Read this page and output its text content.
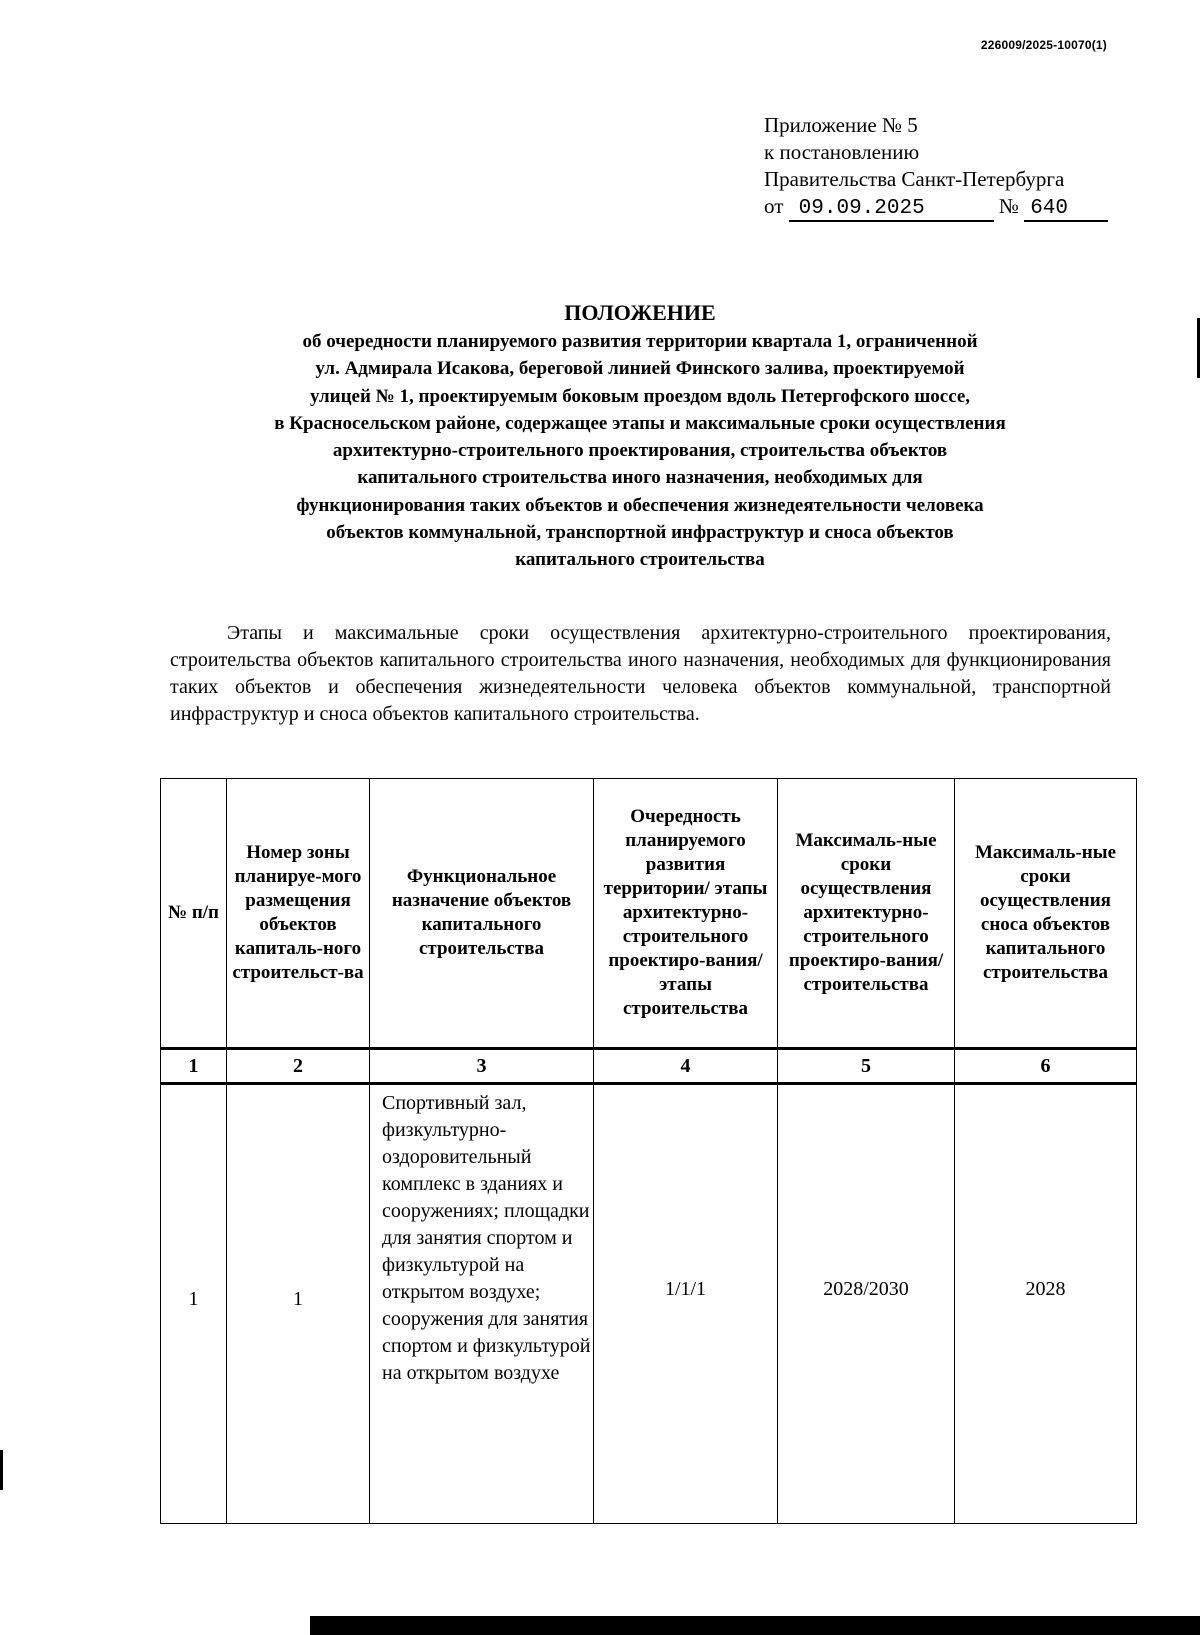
226009/2025-10070(1)
Приложение № 5
к постановлению
Правительства Санкт-Петербурга
от 09.09.2025	№ 640
ПОЛОЖЕНИЕ
об очередности планируемого развития территории квартала 1, ограниченной
ул. Адмирала Исакова, береговой линией Финского залива, проектируемой
улицей № 1, проектируемым боковым проездом вдоль Петергофского шоссе,
в Красносельском районе, содержащее этапы и максимальные сроки осуществления
архитектурно-строительного проектирования, строительства объектов
капитального строительства иного назначения, необходимых для
функционирования таких объектов и обеспечения жизнедеятельности человека
объектов коммунальной, транспортной инфраструктур и сноса объектов
капитального строительства
Этапы и максимальные сроки осуществления архитектурно-строительного проектирования, строительства объектов капитального строительства иного назначения, необходимых для функционирования таких объектов и обеспечения жизнедеятельности человека объектов коммунальной, транспортной инфраструктур и сноса объектов капитального строительства.
№ п/п	Номер зоны планируе-мого размещения объектов капиталь-ного строительст-ва	Функциональное назначение объектов капитального строительства	Очередность планируемого развития территории/ этапы архитектурно-строительного проектиро-вания/этапы строительства	Максималь-ные сроки осуществления архитектурно-строительного проектиро-вания/ строительства	Максималь-ные сроки осуществления сноса объектов капитального строительства
1	2	3	4	5	6
1	1	Спортивный зал, физкультурно-оздоровительный комплекс в зданиях и сооружениях; площадки для занятия спортом и физкультурой на открытом воздухе; сооружения для занятия спортом и физкультурой на открытом воздухе	1/1/1	2028/2030	2028
